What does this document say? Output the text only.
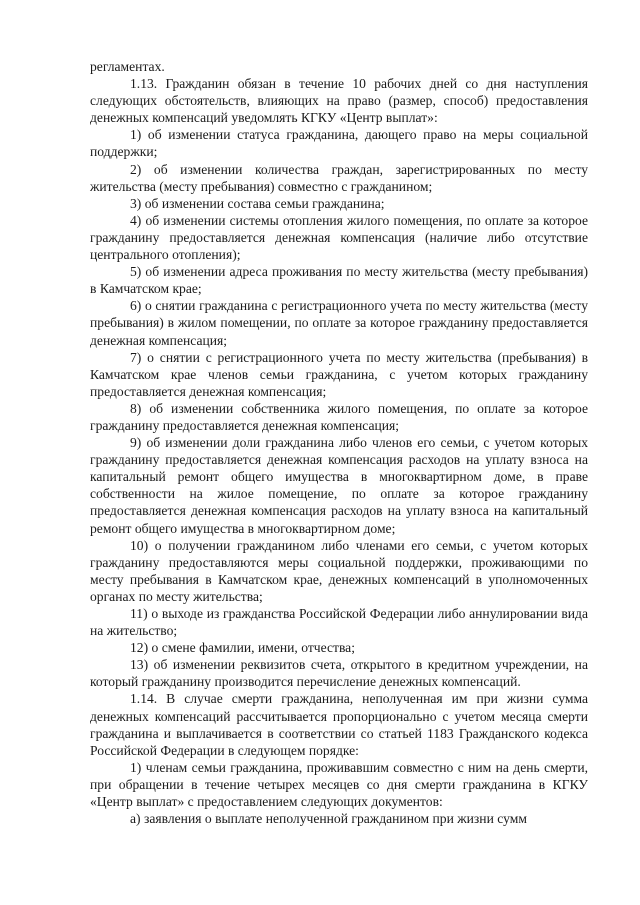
регламентах.

1.13. Гражданин обязан в течение 10 рабочих дней со дня наступления следующих обстоятельств, влияющих на право (размер, способ) предоставления денежных компенсаций уведомлять КГКУ «Центр выплат»:

1) об изменении статуса гражданина, дающего право на меры социальной поддержки;

2) об изменении количества граждан, зарегистрированных по месту жительства (месту пребывания) совместно с гражданином;

3) об изменении состава семьи гражданина;

4) об изменении системы отопления жилого помещения, по оплате за которое гражданину предоставляется денежная компенсация (наличие либо отсутствие центрального отопления);

5) об изменении адреса проживания по месту жительства (месту пребывания) в Камчатском крае;

6) о снятии гражданина с регистрационного учета по месту жительства (месту пребывания) в жилом помещении, по оплате за которое гражданину предоставляется денежная компенсация;

7) о снятии с регистрационного учета по месту жительства (пребывания) в Камчатском крае членов семьи гражданина, с учетом которых гражданину предоставляется денежная компенсация;

8) об изменении собственника жилого помещения, по оплате за которое гражданину предоставляется денежная компенсация;

9) об изменении доли гражданина либо членов его семьи, с учетом которых гражданину предоставляется денежная компенсация расходов на уплату взноса на капитальный ремонт общего имущества в многоквартирном доме, в праве собственности на жилое помещение, по оплате за которое гражданину предоставляется денежная компенсация расходов на уплату взноса на капитальный ремонт общего имущества в многоквартирном доме;

10) о получении гражданином либо членами его семьи, с учетом которых гражданину предоставляются меры социальной поддержки, проживающими по месту пребывания в Камчатском крае, денежных компенсаций в уполномоченных органах по месту жительства;

11) о выходе из гражданства Российской Федерации либо аннулировании вида на жительство;

12) о смене фамилии, имени, отчества;

13) об изменении реквизитов счета, открытого в кредитном учреждении, на который гражданину производится перечисление денежных компенсаций.

1.14. В случае смерти гражданина, неполученная им при жизни сумма денежных компенсаций рассчитывается пропорционально с учетом месяца смерти гражданина и выплачивается в соответствии со статьей 1183 Гражданского кодекса Российской Федерации в следующем порядке:

1) членам семьи гражданина, проживавшим совместно с ним на день смерти, при обращении в течение четырех месяцев со дня смерти гражданина в КГКУ «Центр выплат» с предоставлением следующих документов:

а) заявления о выплате неполученной гражданином при жизни сумм
